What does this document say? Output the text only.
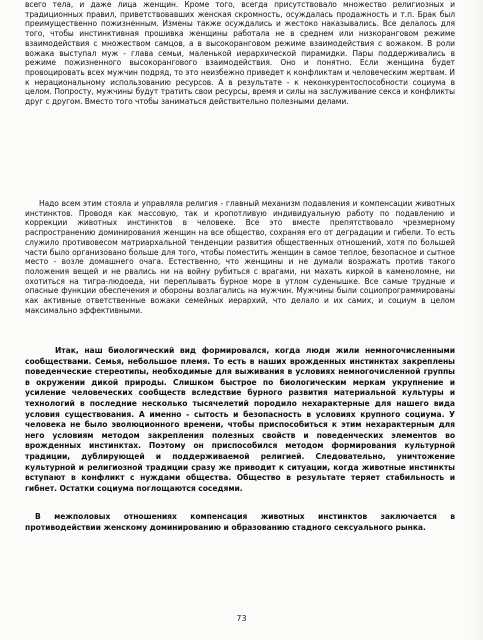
всего тела, и даже лица женщин. Кроме того, всегда присутствовало множество религиозных и традиционных правил, приветствовавших женская скромность, осуждалась продажность и т.п. Брак был преимущественно пожизненным. Измены также осуждались и жестоко наказывались. Все делалось для того, чтобы инстинктивная прошивка женщины работала не в среднем или низкоранговом режиме взаимодействия с множеством самцов, а в высокоранговом режиме взаимодействия с вожаком. В роли вожака выступал муж - глава семьи, маленькой иерархической пирамидки. Пары поддерживались в режиме пожизненного высокорангового взаимодействия. Оно и понятно. Если женщина будет провоцировать всех мужчин подряд, то это неизбежно приведет к конфликтам и человеческим жертвам. И к нерациональному использованию ресурсов. А в результате - к неконкурентоспособности социума в целом. Попросту, мужчины будут тратить свои ресурсы, время и силы на заслуживание секса и конфликты друг с другом. Вместо того чтобы заниматься действительно полезными делами.

Надо всем этим стояла и управляла религия - главный механизм подавления и компенсации животных инстинктов. Проводя как массовую, так и кропотливую индивидуальную работу по подавлению и коррекции животных инстинктов в человеке. Все это вместе препятствовало чрезмерному распространению доминирования женщин на все общество, сохраняя его от деградации и гибели. То есть служило противовесом матриархальной тенденции развития общественных отношений, хотя по большей части было организовано больше для того, чтобы поместить женщин в самое теплое, безопасное и сытное место - возле домашнего очага. Естественно, что женщины и не думали возражать против такого положения вещей и не рвались ни на войну рубиться с врагами, ни махать киркой в каменоломне, ни охотиться на тигра-людоеда, ни переплывать бурное море в утлом суденышке. Все самые трудные и опасные функции обеспечения и обороны возлагались на мужчин. Мужчины были социопрограммированы как активные ответственные вожаки семейных иерархий, что делало и их самих, и социум в целом максимально эффективными.

Итак, наш биологический вид формировался, когда люди жили немногочисленными сообществами. Семья, небольшое племя. То есть в наших врожденных инстинктах закреплены поведенческие стереотипы, необходимые для выживания в условиях немногочисленной группы в окружении дикой природы. Слишком быстрое по биологическим меркам укрупнение и усиление человеческих сообществ вследствие бурного развития материальной культуры и технологий в последние несколько тысячелетий породило нехарактерные для нашего вида условия существования. А именно - сытость и безопасность в условиях крупного социума. У человека не было эволюционного времени, чтобы приспособиться к этим нехарактерным для него условиям методом закрепления полезных свойств и поведенческих элементов во врожденных инстинктах. Поэтому он приспособился методом формирования культурной традиции, дублирующей и поддерживаемой религией. Следовательно, уничтожение культурной и религиозной традиции сразу же приводит к ситуации, когда животные инстинкты вступают в конфликт с нуждами общества. Общество в результате теряет стабильность и гибнет. Остатки социума поглощаются соседями.

В межполовых отношениях компенсация животных инстинктов заключается в противодействии женскому доминированию и образованию стадного сексуального рынка.

73
